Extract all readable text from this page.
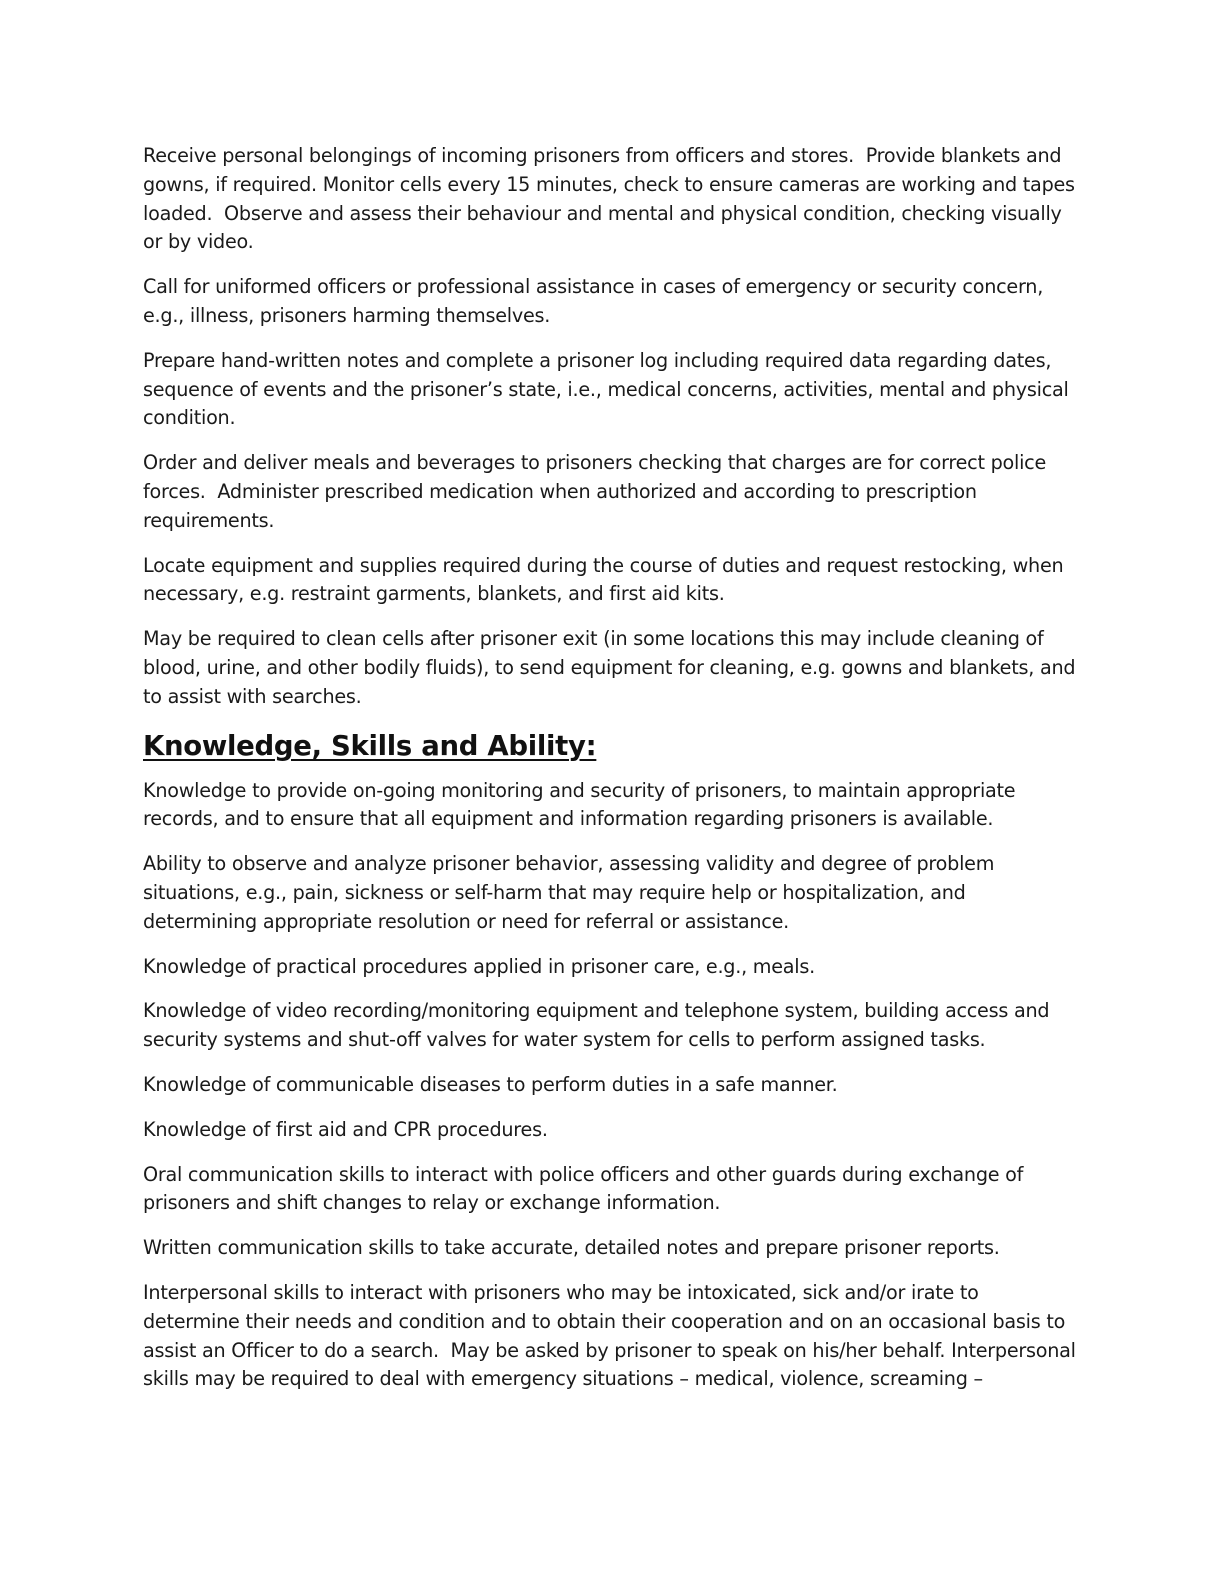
Receive personal belongings of incoming prisoners from officers and stores.  Provide blankets and gowns, if required. Monitor cells every 15 minutes, check to ensure cameras are working and tapes loaded.  Observe and assess their behaviour and mental and physical condition, checking visually or by video.

Call for uniformed officers or professional assistance in cases of emergency or security concern, e.g., illness, prisoners harming themselves.

Prepare hand-written notes and complete a prisoner log including required data regarding dates, sequence of events and the prisoner’s state, i.e., medical concerns, activities, mental and physical condition.

Order and deliver meals and beverages to prisoners checking that charges are for correct police forces.  Administer prescribed medication when authorized and according to prescription requirements.

Locate equipment and supplies required during the course of duties and request restocking, when necessary, e.g. restraint garments, blankets, and first aid kits.

May be required to clean cells after prisoner exit (in some locations this may include cleaning of blood, urine, and other bodily fluids), to send equipment for cleaning, e.g. gowns and blankets, and to assist with searches.

Knowledge, Skills and Ability:

Knowledge to provide on-going monitoring and security of prisoners, to maintain appropriate records, and to ensure that all equipment and information regarding prisoners is available.

Ability to observe and analyze prisoner behavior, assessing validity and degree of problem situations, e.g., pain, sickness or self-harm that may require help or hospitalization, and determining appropriate resolution or need for referral or assistance.

Knowledge of practical procedures applied in prisoner care, e.g., meals.

Knowledge of video recording/monitoring equipment and telephone system, building access and security systems and shut-off valves for water system for cells to perform assigned tasks.

Knowledge of communicable diseases to perform duties in a safe manner.

Knowledge of first aid and CPR procedures.

Oral communication skills to interact with police officers and other guards during exchange of prisoners and shift changes to relay or exchange information.

Written communication skills to take accurate, detailed notes and prepare prisoner reports.

Interpersonal skills to interact with prisoners who may be intoxicated, sick and/or irate to determine their needs and condition and to obtain their cooperation and on an occasional basis to assist an Officer to do a search.  May be asked by prisoner to speak on his/her behalf. Interpersonal skills may be required to deal with emergency situations – medical, violence, screaming –
